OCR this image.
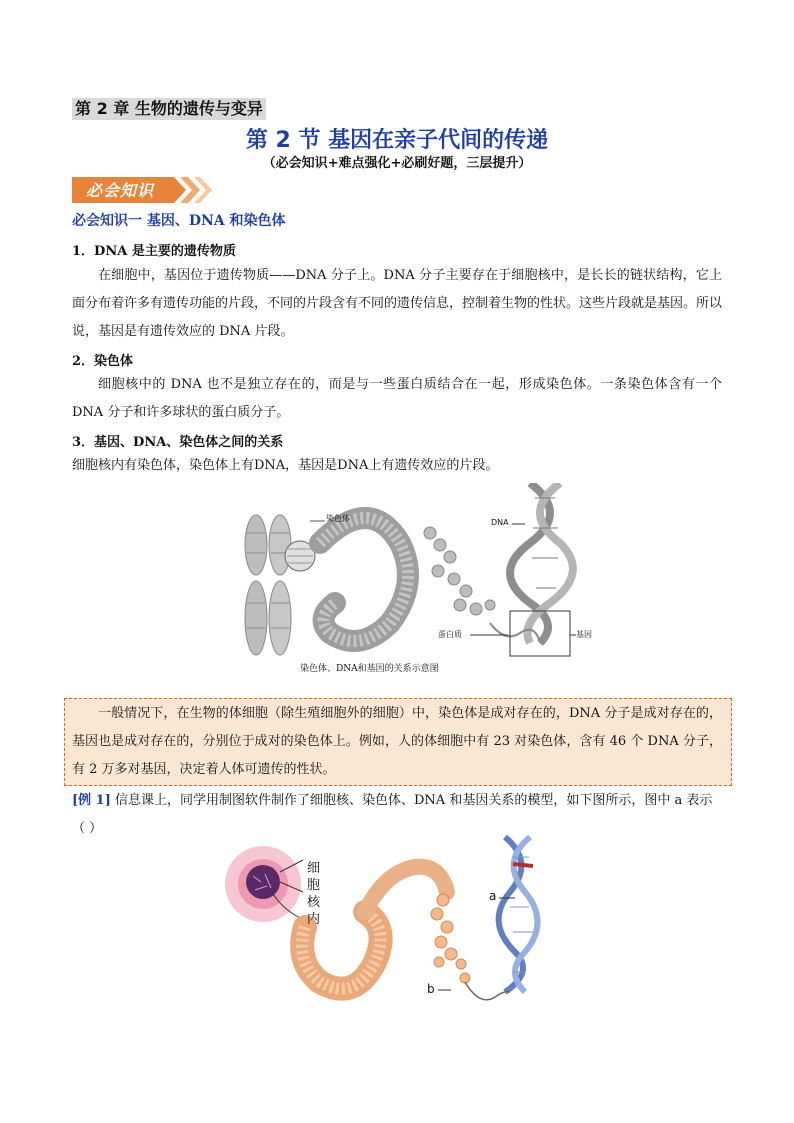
第 2 章 生物的遗传与变异
第 2 节 基因在亲子代间的传递
（必会知识+难点强化+必刷好题，三层提升）
必会知识
必会知识一 基因、DNA 和染色体
1．DNA 是主要的遗传物质
在细胞中，基因位于遗传物质——DNA 分子上。DNA 分子主要存在于细胞核中，是长长的链状结构，它上面分布着许多有遗传功能的片段，不同的片段含有不同的遗传信息，控制着生物的性状。这些片段就是基因。所以说，基因是有遗传效应的 DNA 片段。
2．染色体
细胞核中的 DNA 也不是独立存在的，而是与一些蛋白质结合在一起，形成染色体。一条染色体含有一个 DNA 分子和许多球状的蛋白质分子。
3．基因、DNA、染色体之间的关系
细胞核内有染色体，染色体上有DNA，基因是DNA上有遗传效应的片段。
染色体	DNA
蛋白质	基因
染色体、DNA和基因的关系示意图
一般情况下，在生物的体细胞（除生殖细胞外的细胞）中，染色体是成对存在的，DNA 分子是成对存在的，基因也是成对存在的，分别位于成对的染色体上。例如，人的体细胞中有 23 对染色体，含有 46 个 DNA 分子，有 2 万多对基因，决定着人体可遗传的性状。
[例 1] 信息课上，同学用制图软件制作了细胞核、染色体、DNA 和基因关系的模型，如下图所示，图中 a 表示（ ）
细
胞
核
内
a
b
